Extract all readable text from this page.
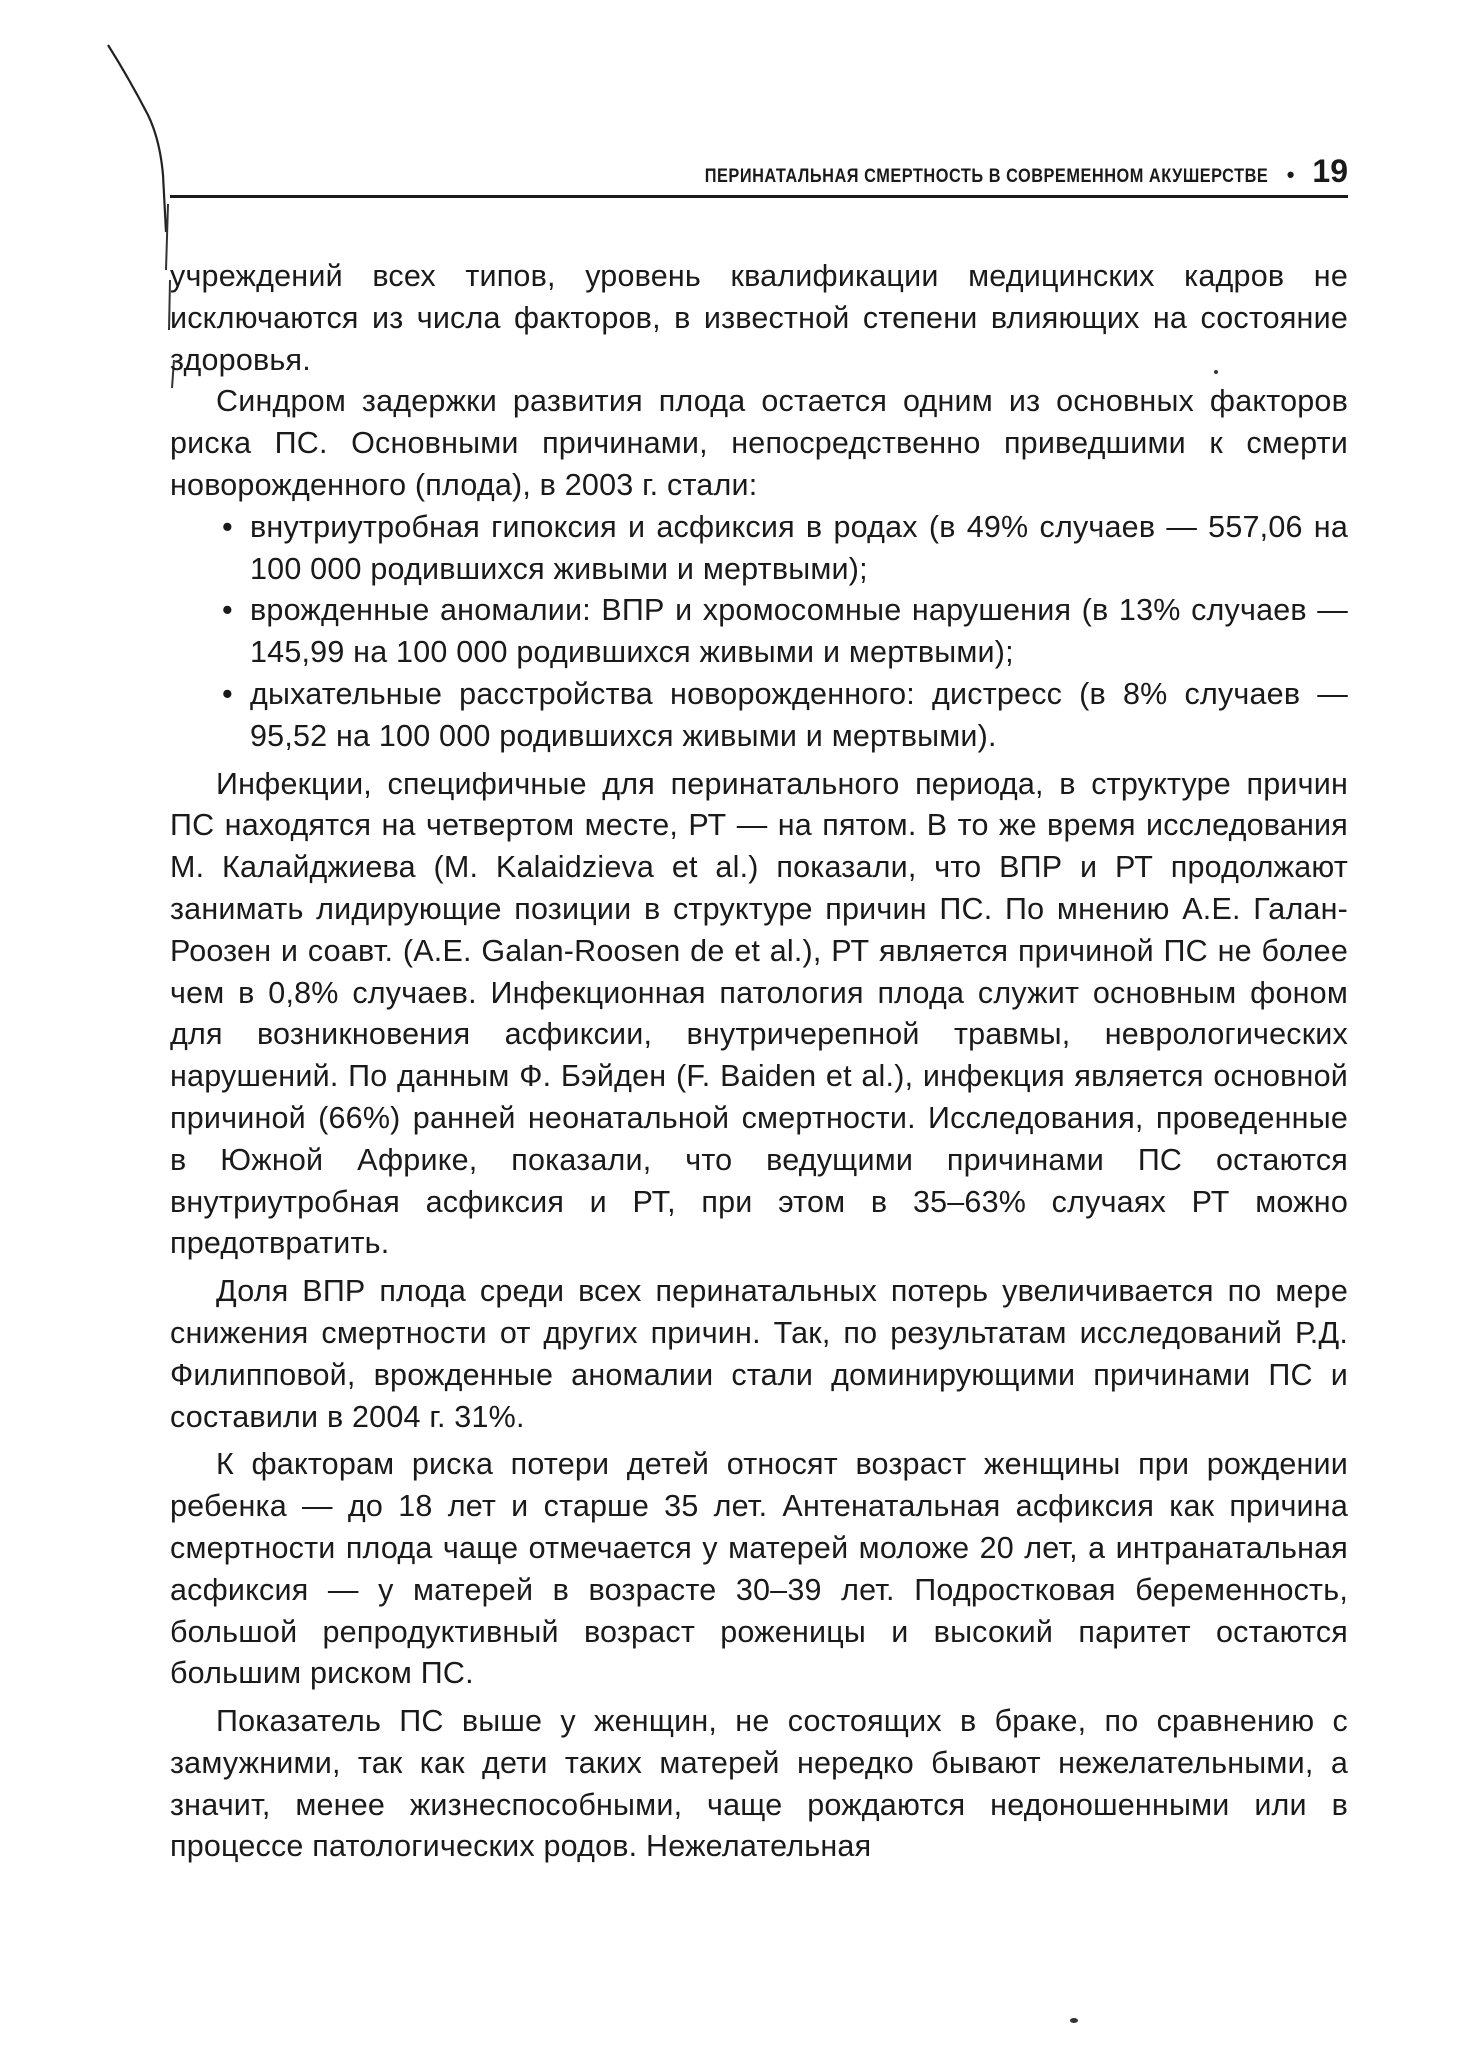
ПЕРИНАТАЛЬНАЯ СМЕРТНОСТЬ В СОВРЕМЕННОМ АКУШЕРСТВЕ • 19

учреждений всех типов, уровень квалификации медицинских кадров не исключаются из числа факторов, в известной степени влияющих на состояние здоровья.

Синдром задержки развития плода остается одним из основных факторов риска ПС. Основными причинами, непосредственно приведшими к смерти новорожденного (плода), в 2003 г. стали:

• внутриутробная гипоксия и асфиксия в родах (в 49% случаев — 557,06 на 100 000 родившихся живыми и мертвыми);
• врожденные аномалии: ВПР и хромосомные нарушения (в 13% случаев — 145,99 на 100 000 родившихся живыми и мертвыми);
• дыхательные расстройства новорожденного: дистресс (в 8% случаев — 95,52 на 100 000 родившихся живыми и мертвыми).

Инфекции, специфичные для перинатального периода, в структуре причин ПС находятся на четвертом месте, РТ — на пятом. В то же время исследования М. Калайджиева (M. Kalaidzieva et al.) показали, что ВПР и РТ продолжают занимать лидирующие позиции в структуре причин ПС. По мнению А.Е. Галан-Роозен и соавт. (A.E. Galan-Roosen de et al.), РТ является причиной ПС не более чем в 0,8% случаев. Инфекционная патология плода служит основным фоном для возникновения асфиксии, внутричерепной травмы, неврологических нарушений. По данным Ф. Бэйден (F. Baiden et al.), инфекция является основной причиной (66%) ранней неонатальной смертности. Исследования, проведенные в Южной Африке, показали, что ведущими причинами ПС остаются внутриутробная асфиксия и РТ, при этом в 35–63% случаях РТ можно предотвратить.

Доля ВПР плода среди всех перинатальных потерь увеличивается по мере снижения смертности от других причин. Так, по результатам исследований Р.Д. Филипповой, врожденные аномалии стали доминирующими причинами ПС и составили в 2004 г. 31%.

К факторам риска потери детей относят возраст женщины при рождении ребенка — до 18 лет и старше 35 лет. Антенатальная асфиксия как причина смертности плода чаще отмечается у матерей моложе 20 лет, а интранатальная асфиксия — у матерей в возрасте 30–39 лет. Подростковая беременность, большой репродуктивный возраст роженицы и высокий паритет остаются большим риском ПС.

Показатель ПС выше у женщин, не состоящих в браке, по сравнению с замужними, так как дети таких матерей нередко бывают нежелательными, а значит, менее жизнеспособными, чаще рождаются недоношенными или в процессе патологических родов. Нежелательная
